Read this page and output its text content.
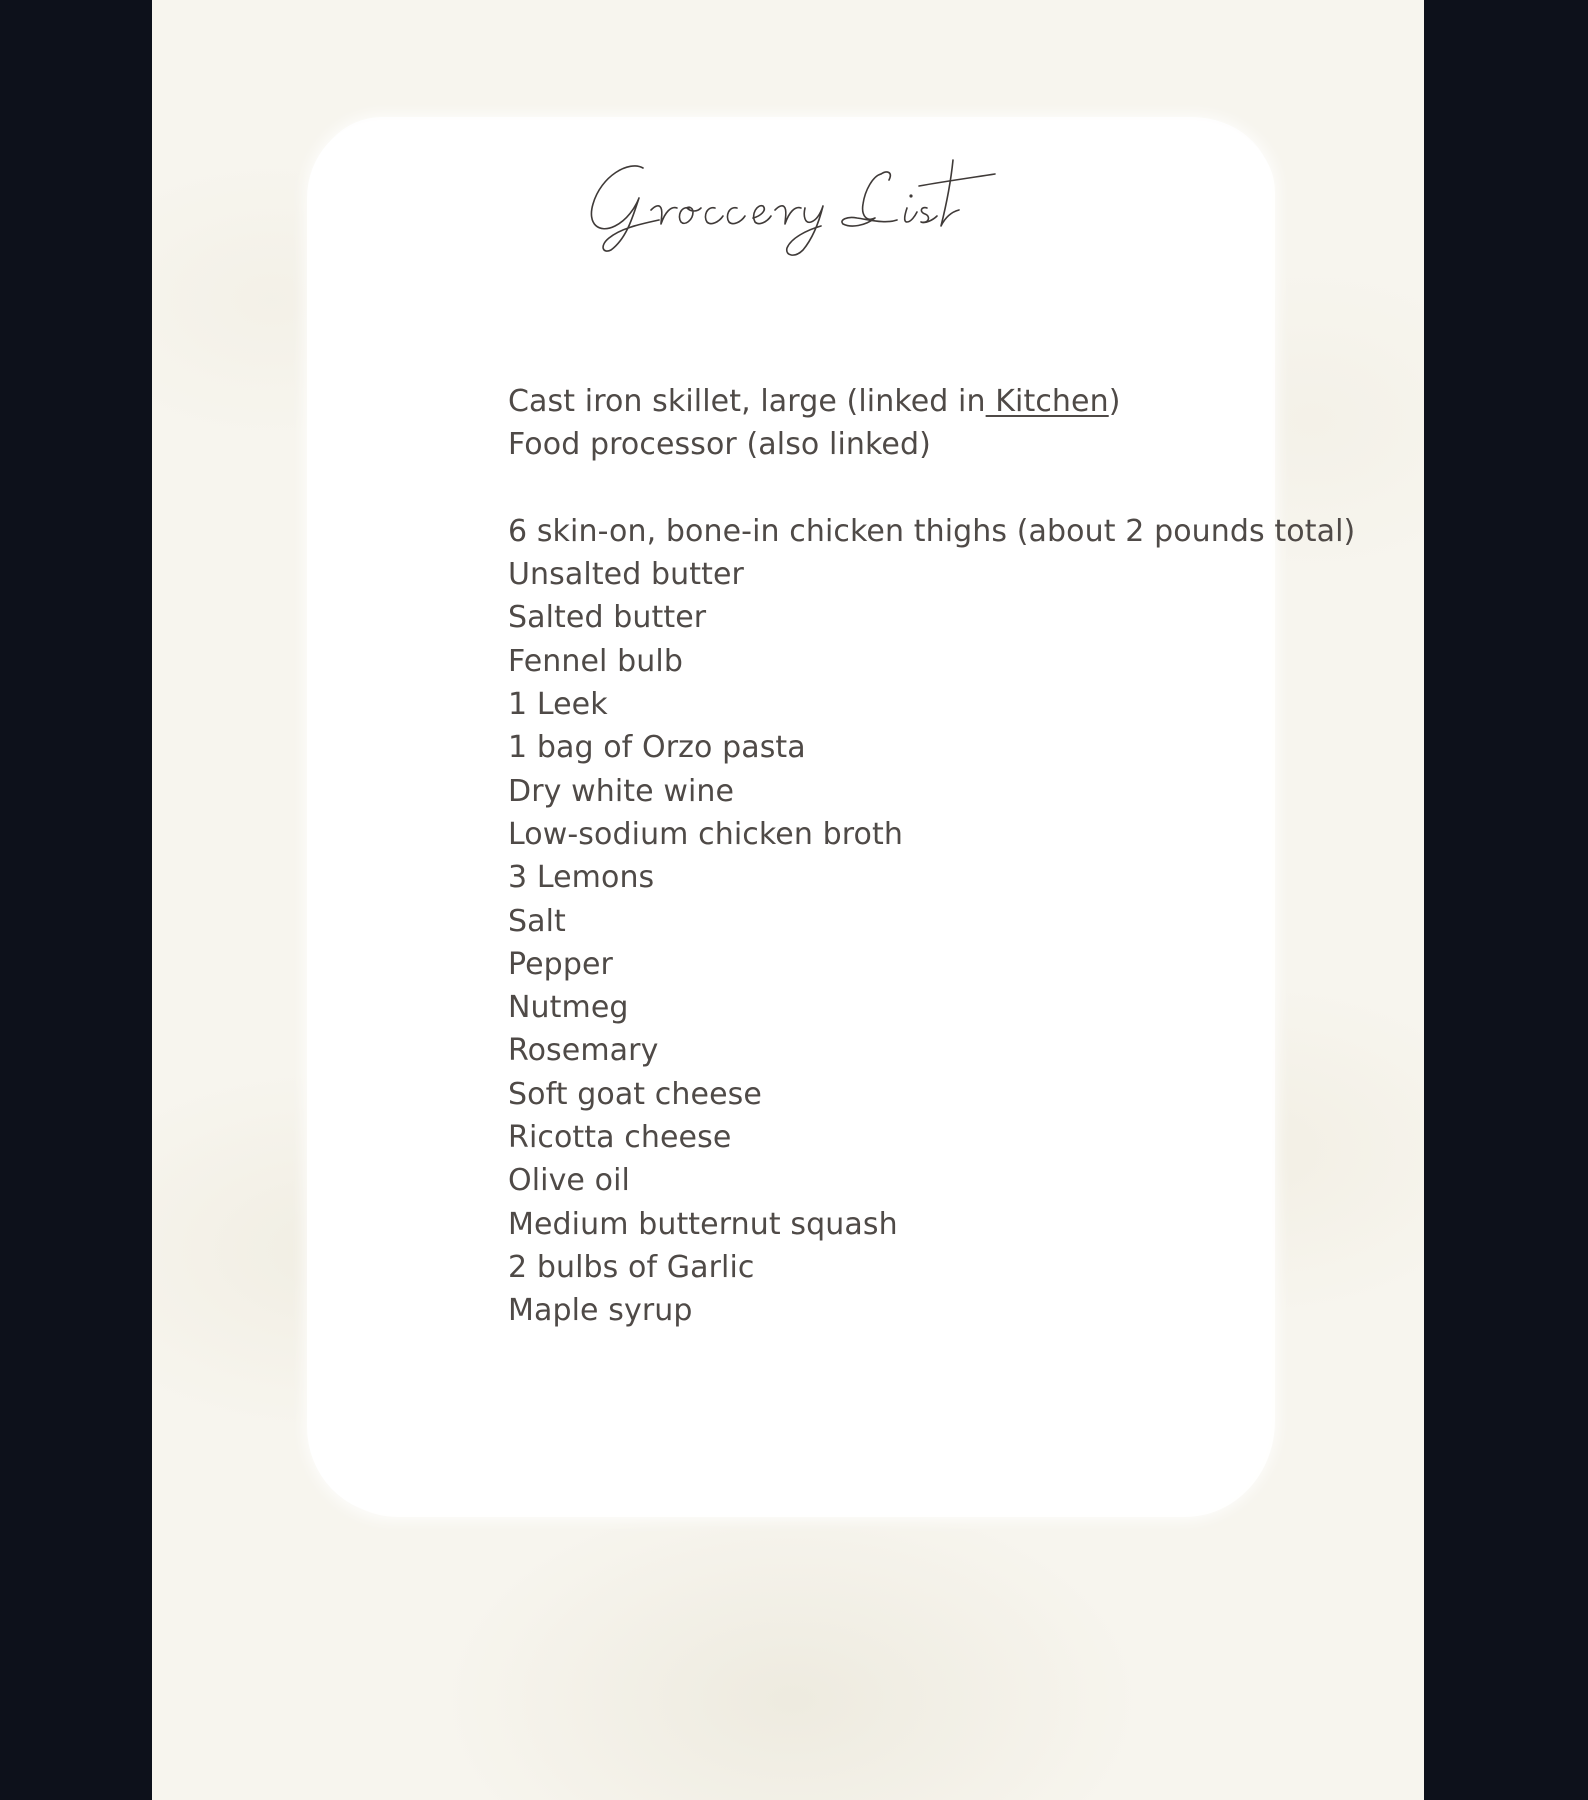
Cast iron skillet, large (linked in Kitchen)
Food processor (also linked)
6 skin-on, bone-in chicken thighs (about 2 pounds total)
Unsalted butter
Salted butter
Fennel bulb
1 Leek
1 bag of Orzo pasta
Dry white wine
Low-sodium chicken broth
3 Lemons
Salt
Pepper
Nutmeg
Rosemary
Soft goat cheese
Ricotta cheese
Olive oil
Medium butternut squash
2 bulbs of Garlic
Maple syrup
